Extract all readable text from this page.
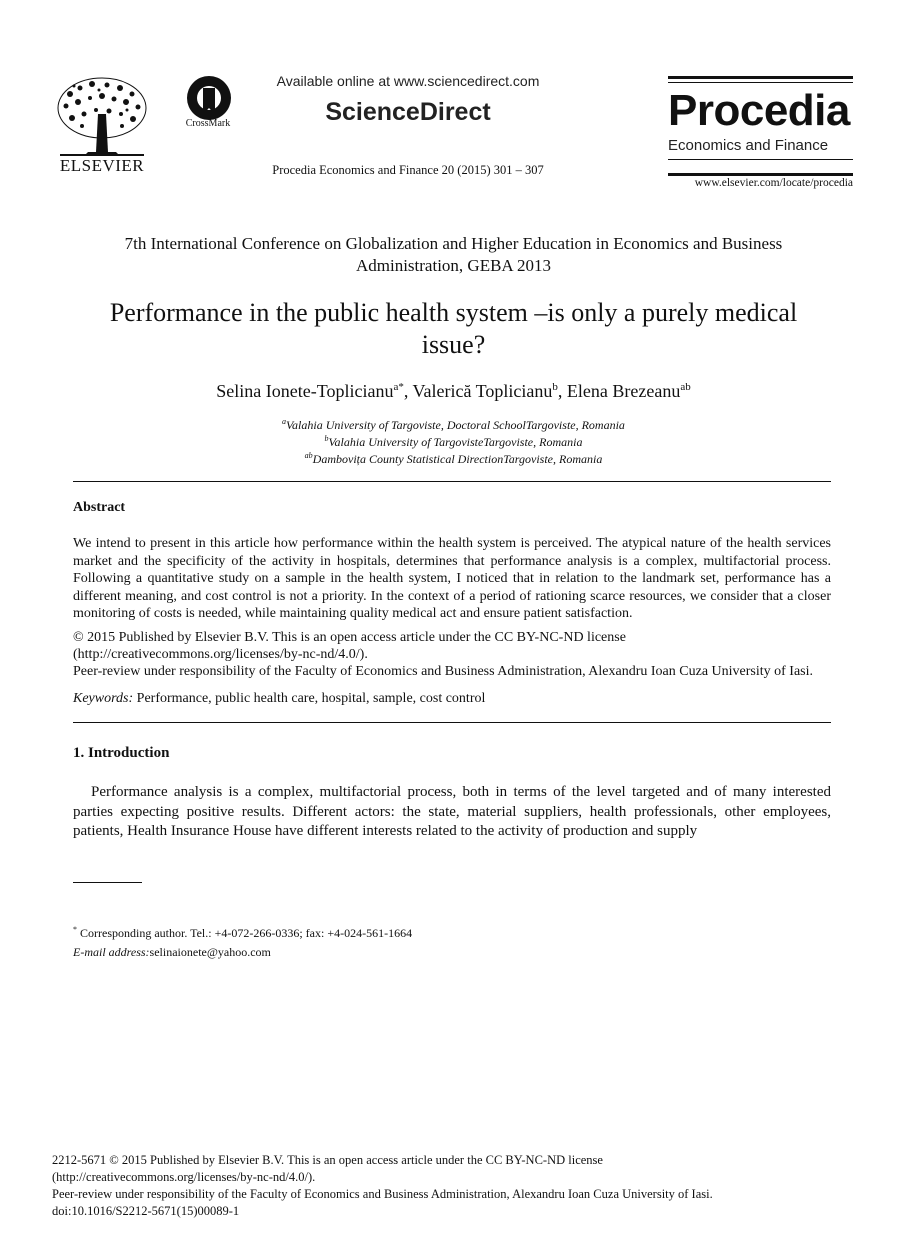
ELSEVIER
CrossMark
Available online at www.sciencedirect.com
ScienceDirect
Procedia Economics and Finance 20 (2015) 301 – 307
Procedia
Economics and Finance
www.elsevier.com/locate/procedia
7th International Conference on Globalization and Higher Education in Economics and Business
Administration, GEBA 2013
Performance in the public health system –is only a purely medical
issue?
Selina Ionete-Toplicianu$^{a*}$, Valerică Toplicianu$^b$, Elena Brezeanu$^{ab}$
$^a$Valahia University of Targoviste, Doctoral SchoolTargoviste, Romania
$^b$Valahia University of TargovisteTargoviste, Romania
$^{ab}$Dambovița County Statistical DirectionTargoviste, Romania
Abstract
We intend to present in this article how performance within the health system is perceived. The atypical nature of the health services market and the specificity of the activity in hospitals, determines that performance analysis is a complex, multifactorial process. Following a quantitative study on a sample in the health system, I noticed that in relation to the landmark set, performance has a different meaning, and cost control is not a priority. In the context of a period of rationing scarce resources, we consider that a closer monitoring of costs is needed, while maintaining quality medical act and ensure patient satisfaction.
© 2015 Published by Elsevier B.V. This is an open access article under the CC BY-NC-ND license
(http://creativecommons.org/licenses/by-nc-nd/4.0/).
Peer-review under responsibility of the Faculty of Economics and Business Administration, Alexandru Ioan Cuza University of Iasi.
Keywords: Performance, public health care, hospital, sample, cost control
1. Introduction
Performance analysis is a complex, multifactorial process, both in terms of the level targeted and of many interested parties expecting positive results. Different actors: the state, material suppliers, health professionals, other employees, patients, Health Insurance House have different interests related to the activity of production and supply
* Corresponding author. Tel.: +4-072-266-0336; fax: +4-024-561-1664
E-mail address:selinaionete@yahoo.com
2212-5671 © 2015 Published by Elsevier B.V. This is an open access article under the CC BY-NC-ND license
(http://creativecommons.org/licenses/by-nc-nd/4.0/).
Peer-review under responsibility of the Faculty of Economics and Business Administration, Alexandru Ioan Cuza University of Iasi.
doi:10.1016/S2212-5671(15)00089-1
